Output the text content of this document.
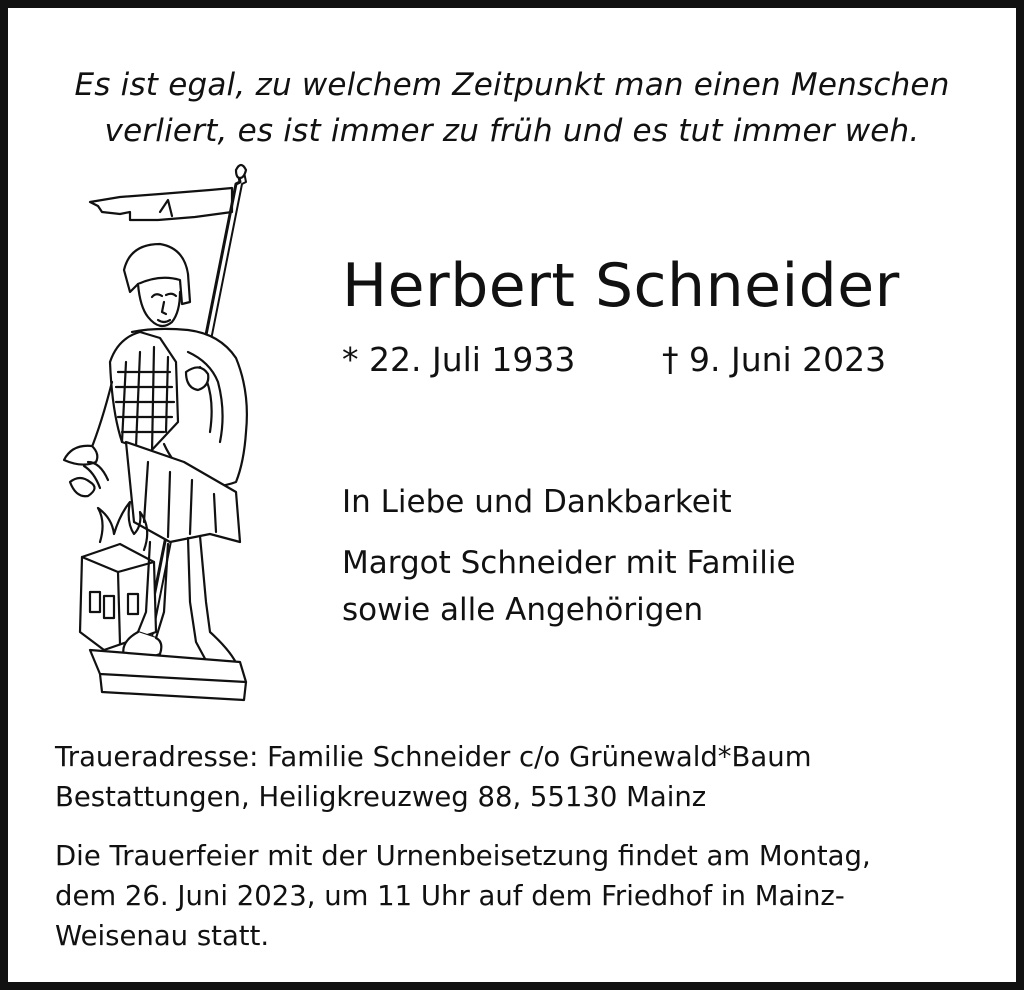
Es ist egal, zu welchem Zeitpunkt man einen Menschen
verliert, es ist immer zu früh und es tut immer weh.
Herbert Schneider
* 22. Juli 1933	† 9. Juni 2023
In Liebe und Dankbarkeit
Margot Schneider mit Familie
sowie alle Angehörigen
Traueradresse: Familie Schneider c/o Grünewald*Baum
Bestattungen, Heiligkreuzweg 88, 55130 Mainz
Die Trauerfeier mit der Urnenbeisetzung findet am Montag,
dem 26. Juni 2023, um 11 Uhr auf dem Friedhof in Mainz-
Weisenau statt.
